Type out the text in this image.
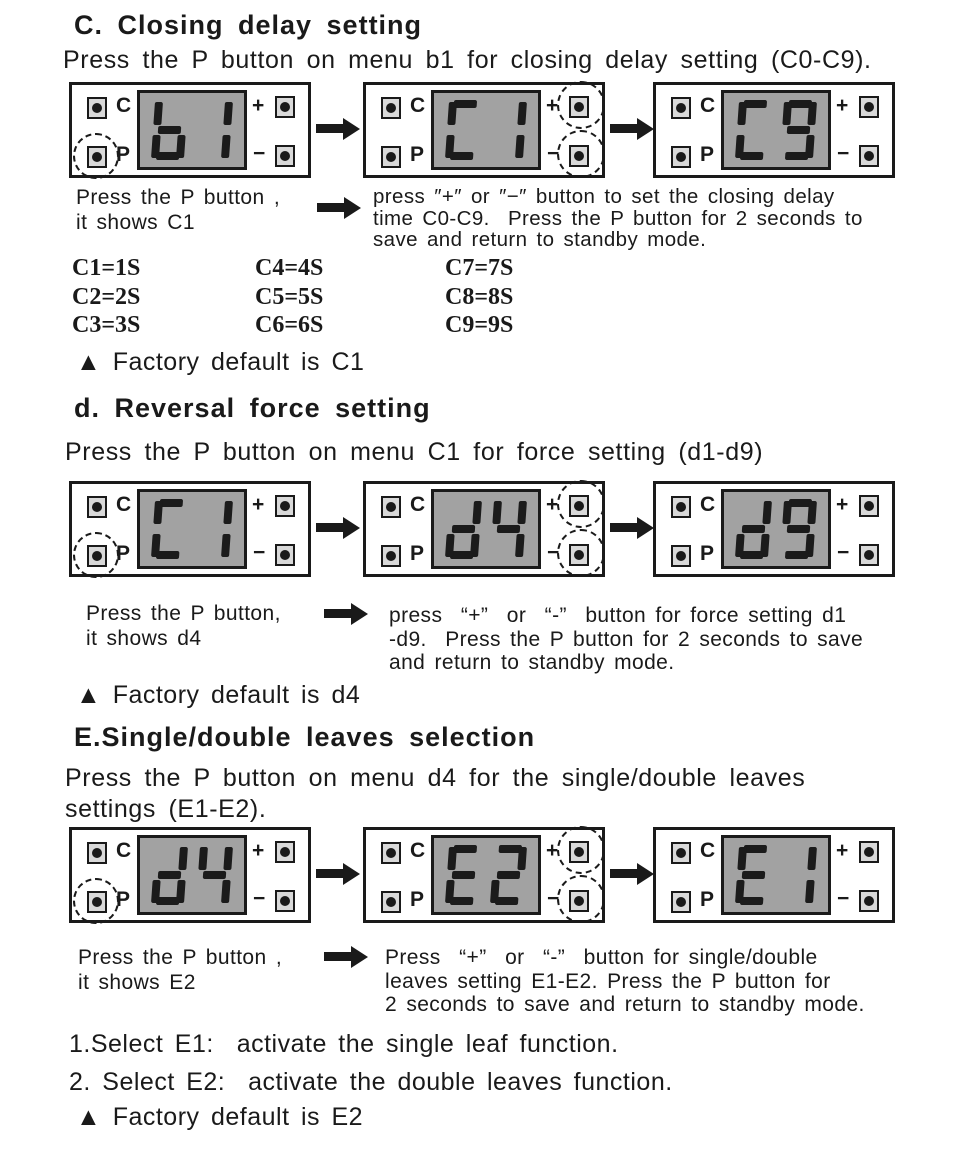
C. Closing delay setting
Press the P button on menu b1 for closing delay setting (C0-C9).
C
P
+
−
C
P
+
−
C
P
+
−
Press the P button ,
it shows C1
press ″+″ or ″−″ button to set the closing delay
time C0-C9.  Press the P button for 2 seconds to
save and return to standby mode.
C1=1S
C2=2S
C3=3S
C4=4S
C5=5S
C6=6S
C7=7S
C8=8S
C9=9S
▲ Factory default is C1
d. Reversal force setting
Press the P button on menu C1 for force setting (d1-d9)
C
P
+
−
C
P
+
−
C
P
+
−
Press the P button,
it shows d4
press  “+”  or  “-”  button for force setting d1
-d9.  Press the P button for 2 seconds to save
and return to standby mode.
▲ Factory default is d4
E.Single/double leaves selection
Press the P button on menu d4 for the single/double leaves
settings (E1-E2).
C
P
+
−
C
P
+
−
C
P
+
−
Press the P button ,
it shows E2
Press  “+”  or  “-”  button for single/double
leaves setting E1-E2. Press the P button for
2 seconds to save and return to standby mode.
1.Select E1:  activate the single leaf function.
2. Select E2:  activate the double leaves function.
▲ Factory default is E2
